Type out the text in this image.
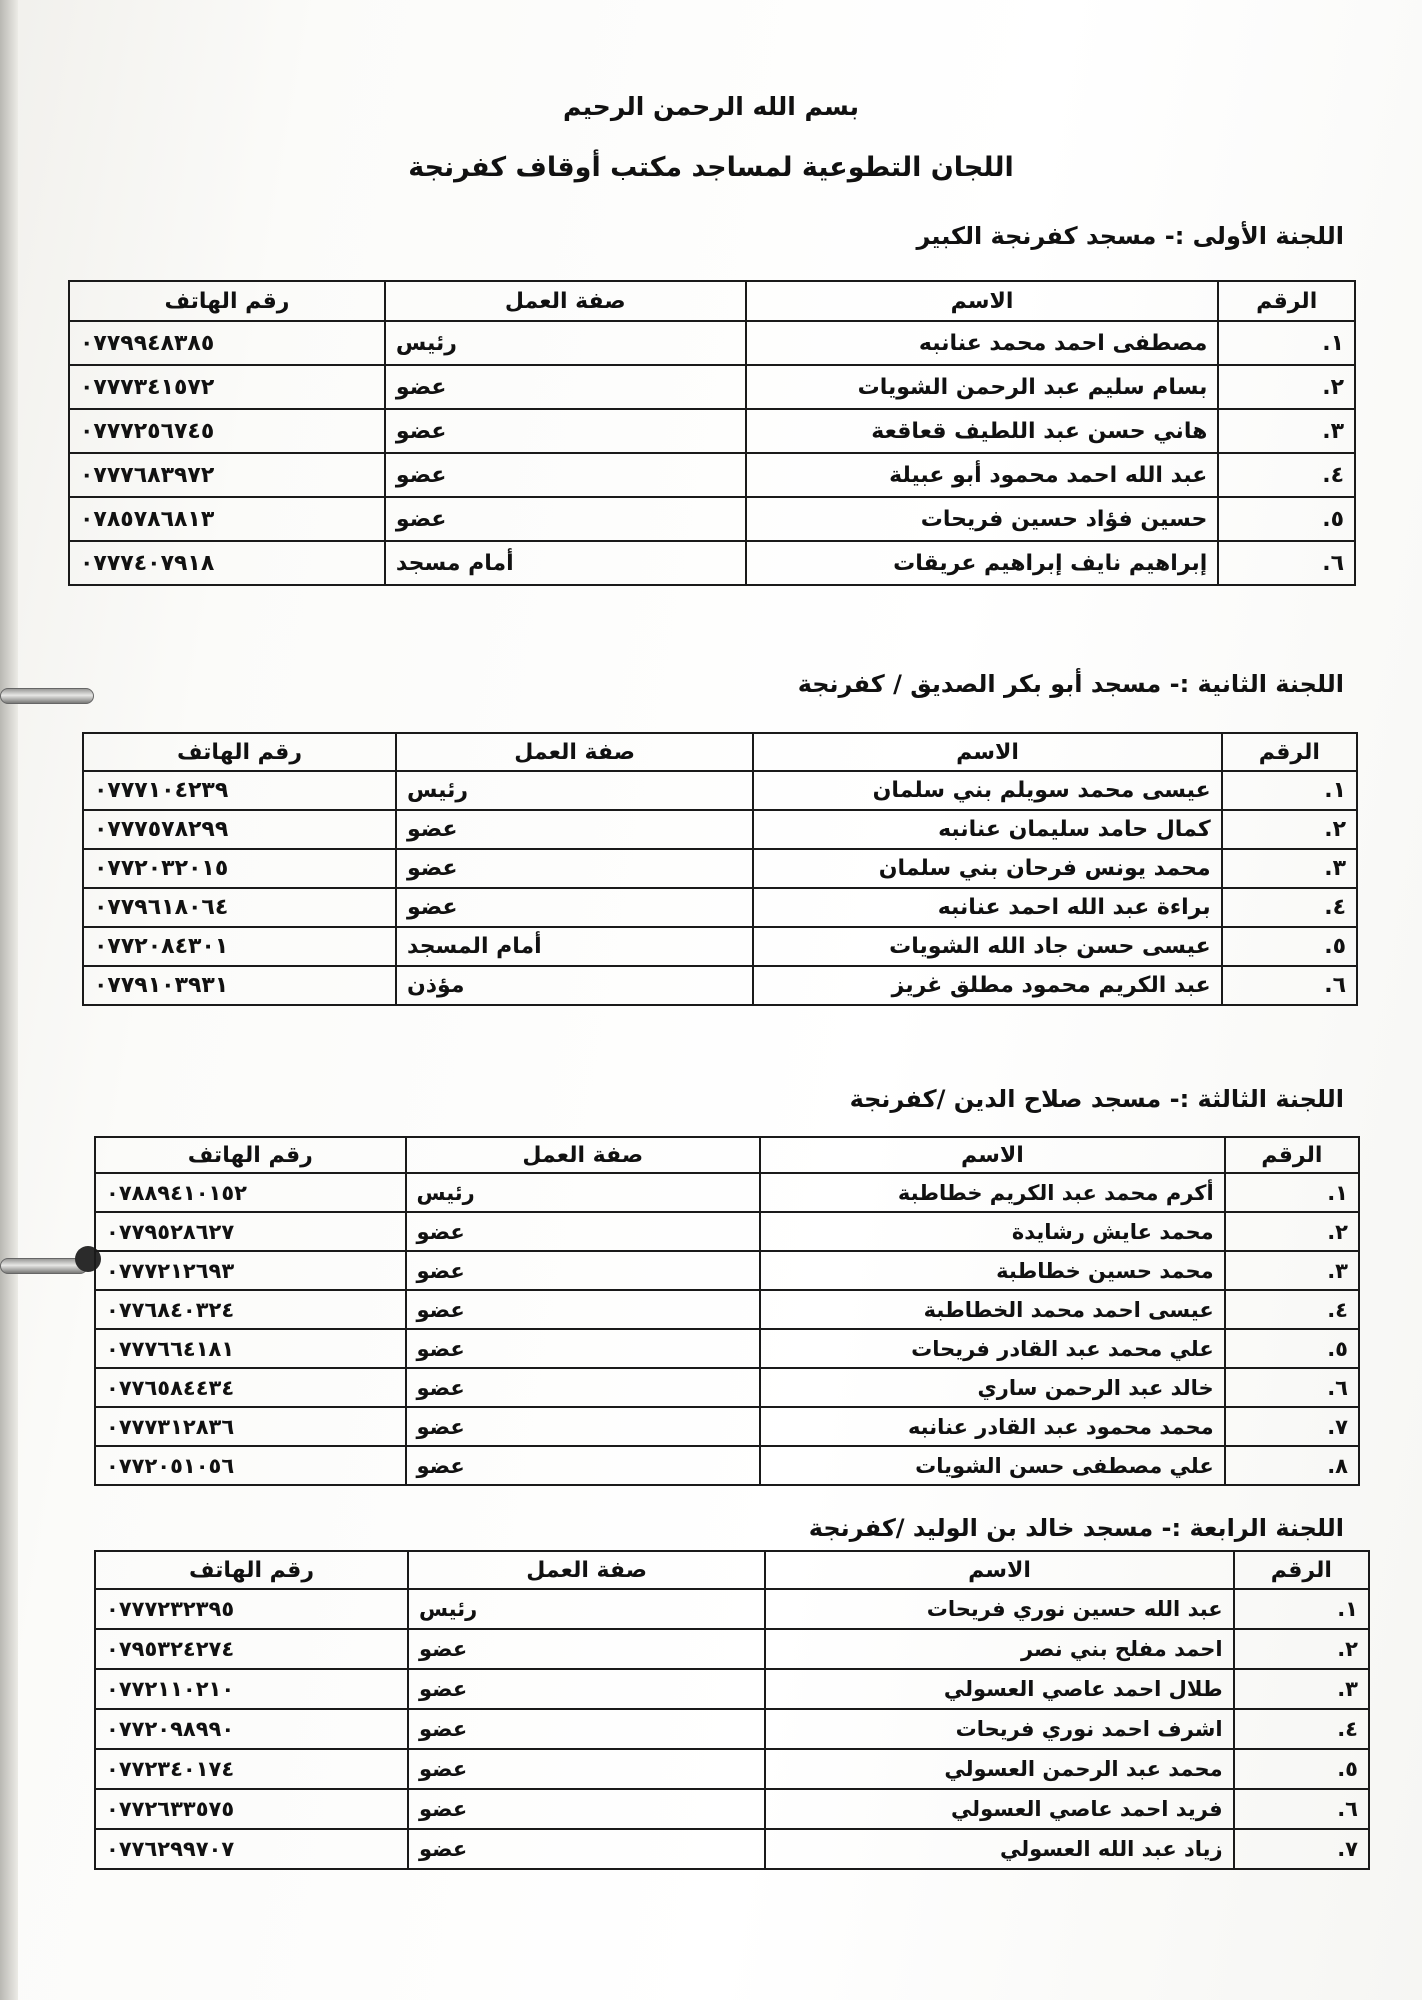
بسم الله الرحمن الرحيم
اللجان التطوعية لمساجد مكتب أوقاف كفرنجة
اللجنة الأولى :- مسجد كفرنجة الكبير
الرقم	الاسم	صفة العمل	رقم الهاتف
١.	مصطفى احمد محمد عنانبه	رئيس	٠٧٧٩٩٤٨٣٨٥
٢.	بسام سليم عبد الرحمن الشويات	عضو	٠٧٧٧٣٤١٥٧٢
٣.	هاني حسن عبد اللطيف قعاقعة	عضو	٠٧٧٧٢٥٦٧٤٥
٤.	عبد الله احمد محمود أبو عبيلة	عضو	٠٧٧٧٦٨٣٩٧٢
٥.	حسين فؤاد حسين فريحات	عضو	٠٧٨٥٧٨٦٨١٣
٦.	إبراهيم نايف إبراهيم عريقات	أمام مسجد	٠٧٧٧٤٠٧٩١٨
اللجنة الثانية :- مسجد أبو بكر الصديق / كفرنجة
الرقم	الاسم	صفة العمل	رقم الهاتف
١.	عيسى محمد سويلم بني سلمان	رئيس	٠٧٧٧١٠٤٢٣٩
٢.	كمال حامد سليمان عنانبه	عضو	٠٧٧٧٥٧٨٢٩٩
٣.	محمد يونس فرحان بني سلمان	عضو	٠٧٧٢٠٣٢٠١٥
٤.	براءة عبد الله احمد عنانبه	عضو	٠٧٧٩٦١٨٠٦٤
٥.	عيسى حسن جاد الله الشويات	أمام المسجد	٠٧٧٢٠٨٤٣٠١
٦.	عبد الكريم محمود مطلق غريز	مؤذن	٠٧٧٩١٠٣٩٣١
اللجنة الثالثة :- مسجد صلاح الدين /كفرنجة
الرقم	الاسم	صفة العمل	رقم الهاتف
١.	أكرم محمد عبد الكريم خطاطبة	رئيس	٠٧٨٨٩٤١٠١٥٢
٢.	محمد عايش رشايدة	عضو	٠٧٧٩٥٢٨٦٢٧
٣.	محمد حسين خطاطبة	عضو	٠٧٧٧٢١٢٦٩٣
٤.	عيسى احمد محمد الخطاطبة	عضو	٠٧٧٦٨٤٠٣٢٤
٥.	علي محمد عبد القادر فريحات	عضو	٠٧٧٧٦٦٤١٨١
٦.	خالد عبد الرحمن ساري	عضو	٠٧٧٦٥٨٤٤٣٤
٧.	محمد محمود عبد القادر عنانبه	عضو	٠٧٧٧٣١٢٨٣٦
٨.	علي مصطفى حسن الشويات	عضو	٠٧٧٢٠٥١٠٥٦
اللجنة الرابعة :- مسجد خالد بن الوليد /كفرنجة
الرقم	الاسم	صفة العمل	رقم الهاتف
١.	عبد الله حسين نوري فريحات	رئيس	٠٧٧٧٢٣٢٣٩٥
٢.	احمد مفلح بني نصر	عضو	٠٧٩٥٣٢٤٢٧٤
٣.	طلال احمد عاصي العسولي	عضو	٠٧٧٢١١٠٢١٠
٤.	اشرف احمد نوري فريحات	عضو	٠٧٧٢٠٩٨٩٩٠
٥.	محمد عبد الرحمن العسولي	عضو	٠٧٧٢٣٤٠١٧٤
٦.	فريد احمد عاصي العسولي	عضو	٠٧٧٢٦٣٣٥٧٥
٧.	زياد عبد الله العسولي	عضو	٠٧٧٦٢٩٩٧٠٧
